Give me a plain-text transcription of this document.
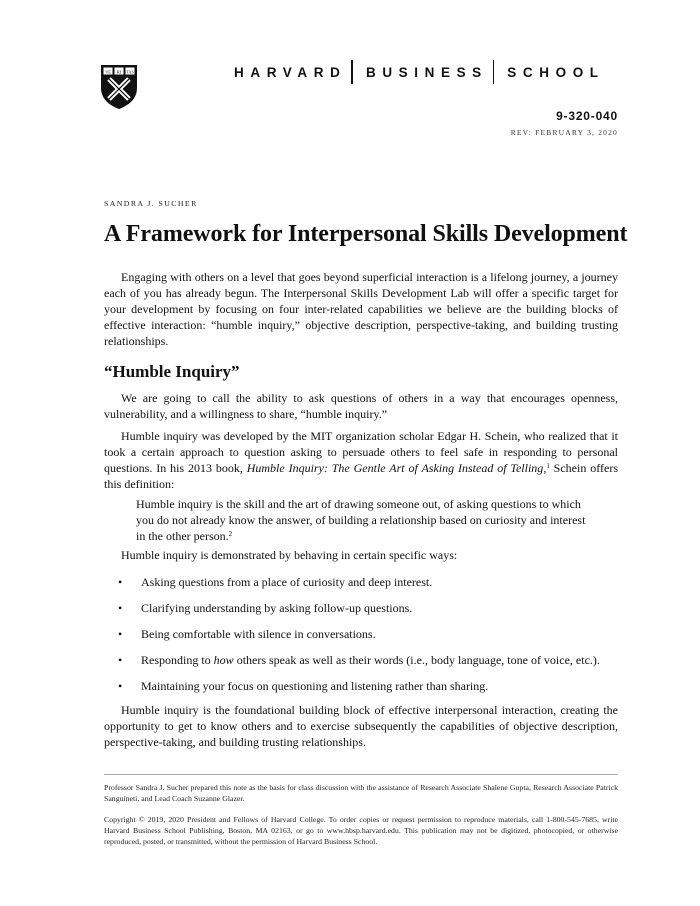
VE RI TAS	HARVARD BUSINESS SCHOOL
9-320-040
REV: FEBRUARY 3, 2020
SANDRA J. SUCHER
A Framework for Interpersonal Skills Development

Engaging with others on a level that goes beyond superficial interaction is a lifelong journey, a journey each of you has already begun. The Interpersonal Skills Development Lab will offer a specific target for your development by focusing on four inter-related capabilities we believe are the building blocks of effective interaction: “humble inquiry,” objective description, perspective-taking, and building trusting relationships.

“Humble Inquiry”

We are going to call the ability to ask questions of others in a way that encourages openness, vulnerability, and a willingness to share, “humble inquiry.”

Humble inquiry was developed by the MIT organization scholar Edgar H. Schein, who realized that it took a certain approach to question asking to persuade others to feel safe in responding to personal questions. In his 2013 book, Humble Inquiry: The Gentle Art of Asking Instead of Telling,$^1$ Schein offers this definition:

Humble inquiry is the skill and the art of drawing someone out, of asking questions to which you do not already know the answer, of building a relationship based on curiosity and interest in the other person.$^2$

Humble inquiry is demonstrated by behaving in certain specific ways:

• Asking questions from a place of curiosity and deep interest.
• Clarifying understanding by asking follow-up questions.
• Being comfortable with silence in conversations.
• Responding to how others speak as well as their words (i.e., body language, tone of voice, etc.).
• Maintaining your focus on questioning and listening rather than sharing.

Humble inquiry is the foundational building block of effective interpersonal interaction, creating the opportunity to get to know others and to exercise subsequently the capabilities of objective description, perspective-taking, and building trusting relationships.

Professor Sandra J. Sucher prepared this note as the basis for class discussion with the assistance of Research Associate Shalene Gupta, Research Associate Patrick Sanguineti, and Lead Coach Suzanne Glazer.

Copyright © 2019, 2020 President and Fellows of Harvard College. To order copies or request permission to reproduce materials, call 1-800-545-7685, write Harvard Business School Publishing, Boston, MA 02163, or go to www.hbsp.harvard.edu. This publication may not be digitized, photocopied, or otherwise reproduced, posted, or transmitted, without the permission of Harvard Business School.
